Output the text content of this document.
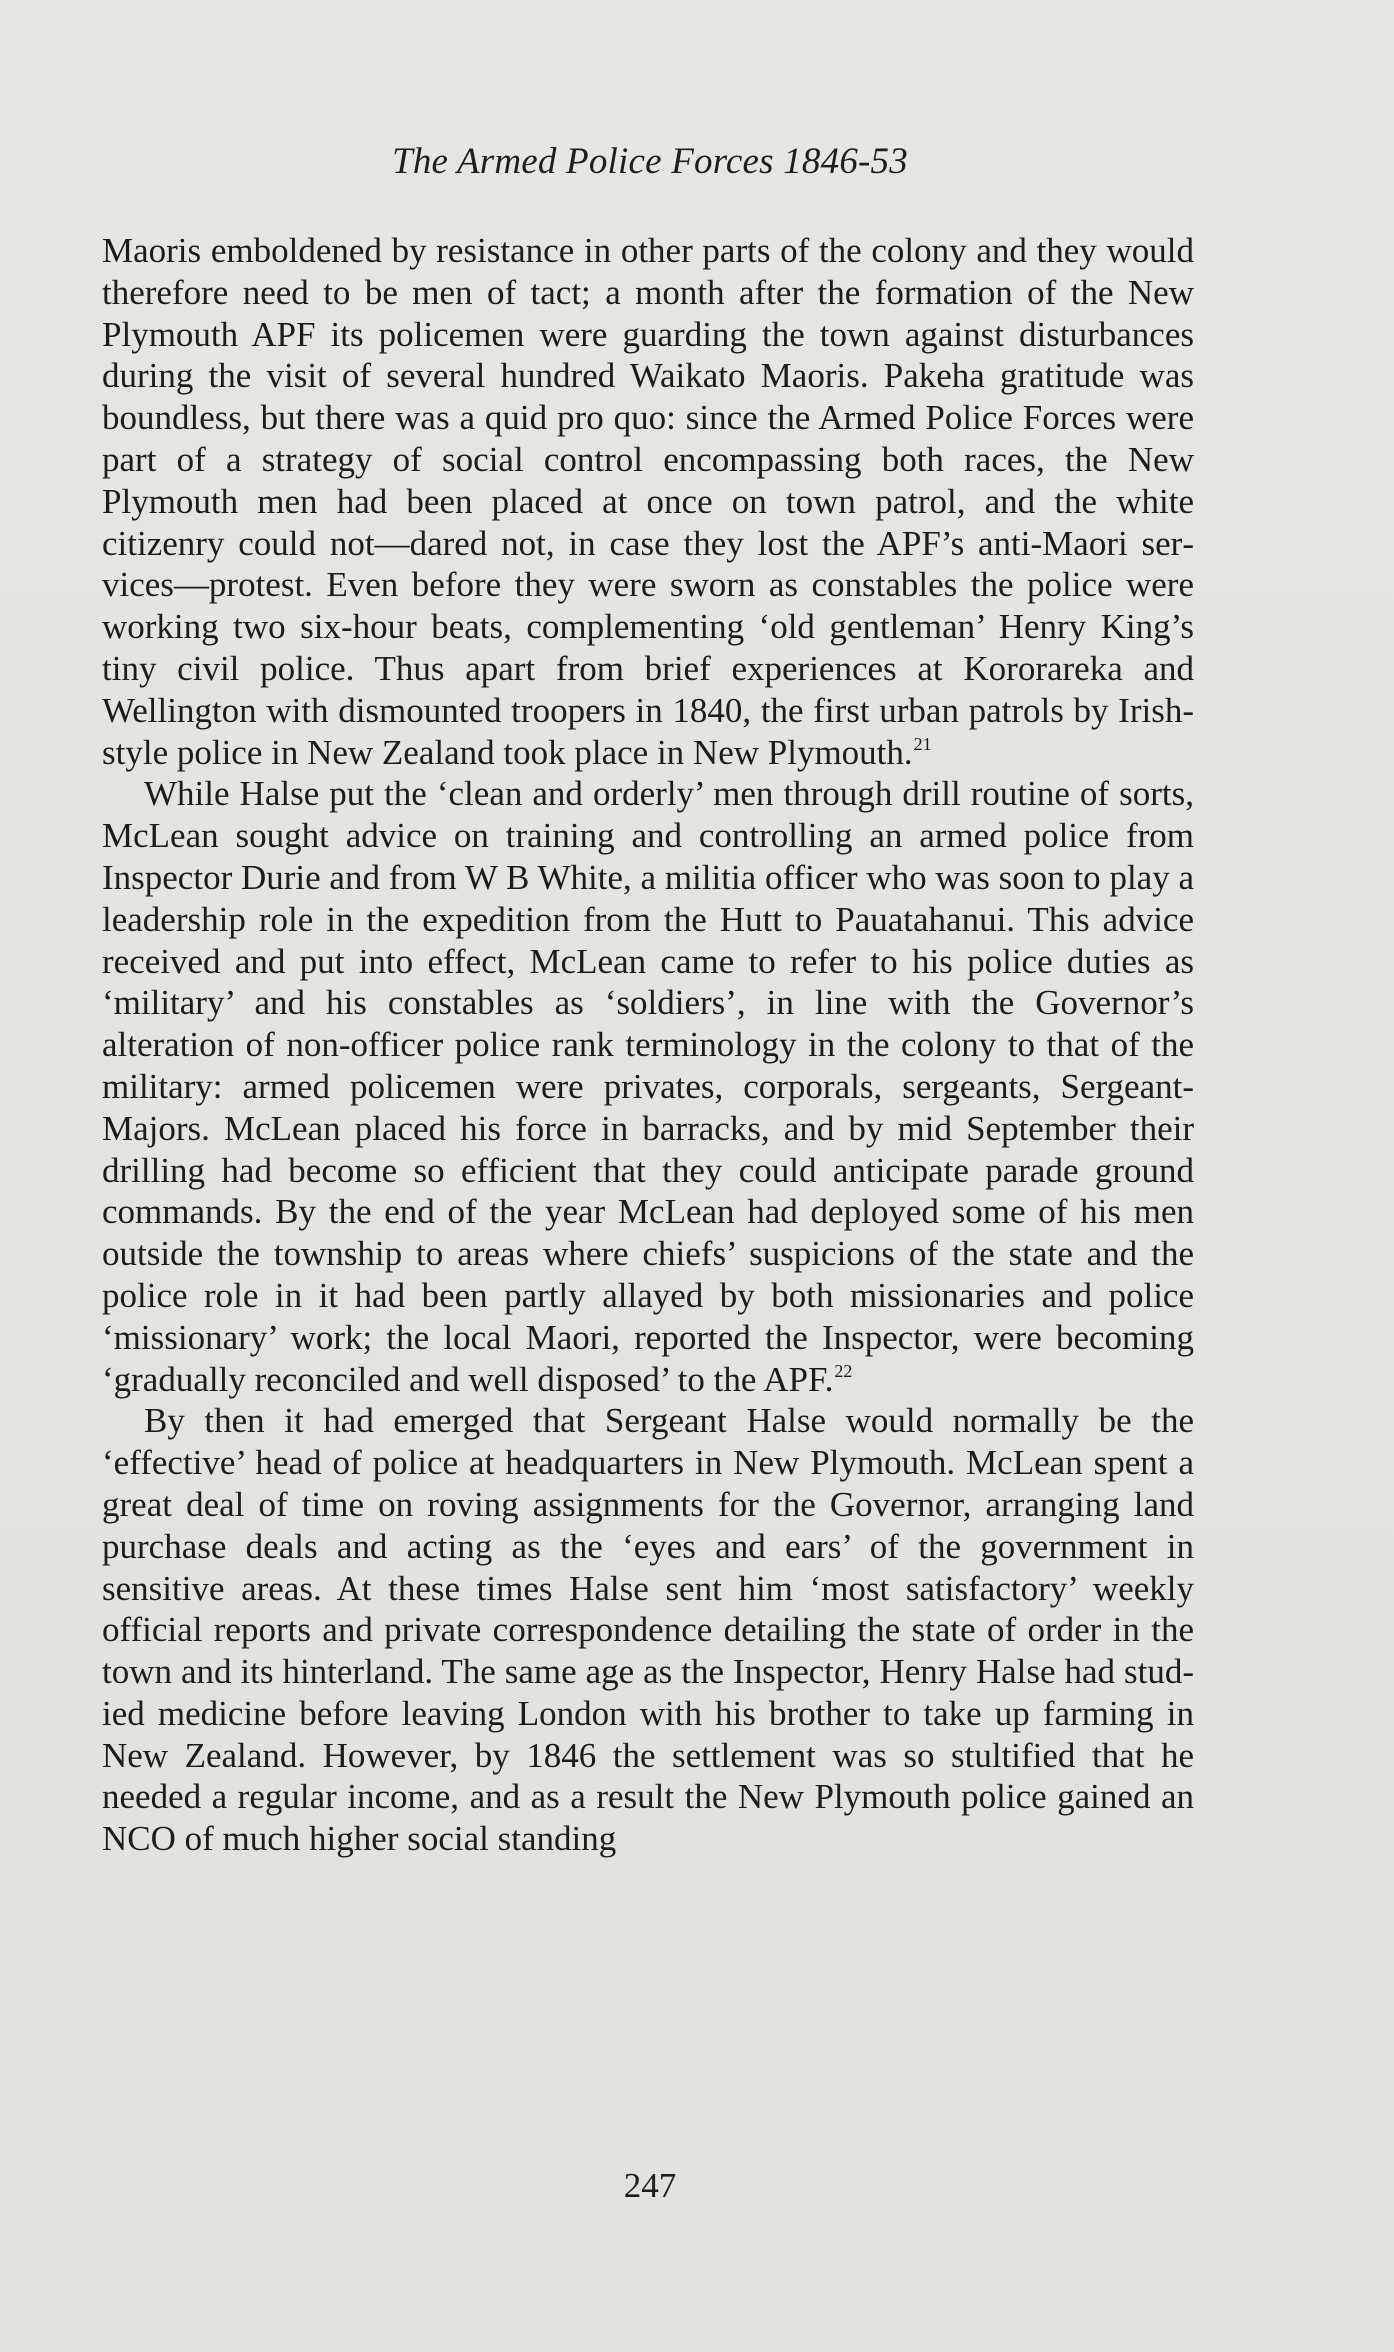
The Armed Police Forces 1846-53

Maoris emboldened by resistance in other parts of the colony and they would therefore need to be men of tact; a month after the formation of the New Plymouth APF its policemen were guarding the town against disturbances during the visit of several hundred Waikato Maoris. Pakeha gratitude was boundless, but there was a quid pro quo: since the Armed Police Forces were part of a strategy of social control encompassing both races, the New Plymouth men had been placed at once on town patrol, and the white citizenry could not—dared not, in case they lost the APF’s anti-Maori services—protest. Even before they were sworn as constables the police were working two six-hour beats, complementing ‘old gentleman’ Henry King’s tiny civil police. Thus apart from brief experiences at Kororareka and Wellington with dismounted troopers in 1840, the first urban patrols by Irish-style police in New Zealand took place in New Plymouth.$^{21}$

While Halse put the ‘clean and orderly’ men through drill routine of sorts, McLean sought advice on training and controlling an armed police from Inspector Durie and from W B White, a militia officer who was soon to play a leadership role in the expedition from the Hutt to Pauatahanui. This advice received and put into effect, McLean came to refer to his police duties as ‘military’ and his constables as ‘soldiers’, in line with the Governor’s alteration of non-officer police rank terminology in the colony to that of the military: armed policemen were privates, corporals, sergeants, Sergeant-Majors. McLean placed his force in barracks, and by mid September their drilling had become so efficient that they could anticipate parade ground commands. By the end of the year McLean had deployed some of his men outside the township to areas where chiefs’ suspicions of the state and the police role in it had been partly allayed by both missionaries and police ‘missionary’ work; the local Maori, reported the Inspector, were becoming ‘gradually reconciled and well disposed’ to the APF.$^{22}$

By then it had emerged that Sergeant Halse would normally be the ‘effective’ head of police at headquarters in New Plymouth. McLean spent a great deal of time on roving assignments for the Governor, arranging land purchase deals and acting as the ‘eyes and ears’ of the government in sensitive areas. At these times Halse sent him ‘most satisfactory’ weekly official reports and private correspondence detailing the state of order in the town and its hinterland. The same age as the Inspector, Henry Halse had studied medicine before leaving London with his brother to take up farming in New Zealand. However, by 1846 the settlement was so stultified that he needed a regular income, and as a result the New Plymouth police gained an NCO of much higher social standing

247
